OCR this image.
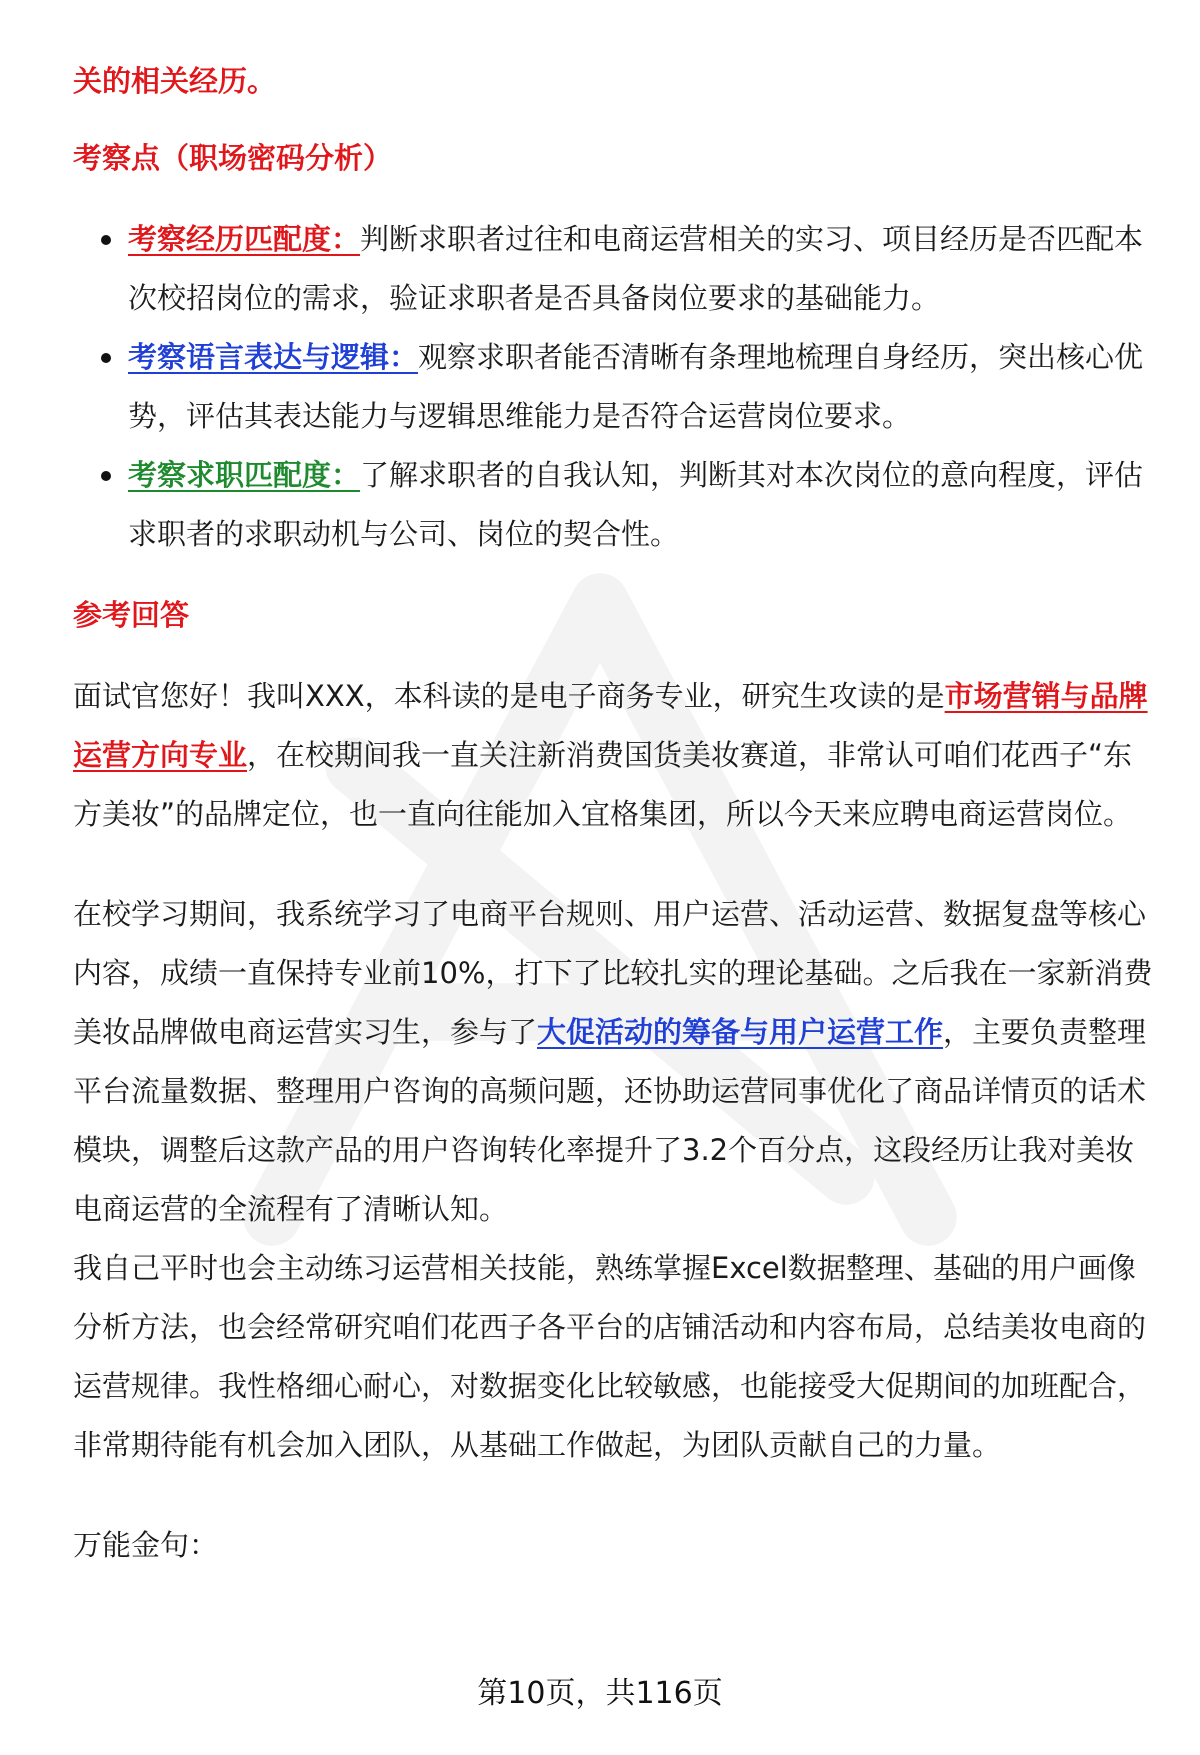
关的相关经历。

考察点（职场密码分析）

考察经历匹配度：判断求职者过往和电商运营相关的实习、项目经历是否匹配本次校招岗位的需求，验证求职者是否具备岗位要求的基础能力。
考察语言表达与逻辑：观察求职者能否清晰有条理地梳理自身经历，突出核心优势，评估其表达能力与逻辑思维能力是否符合运营岗位要求。
考察求职匹配度：了解求职者的自我认知，判断其对本次岗位的意向程度，评估求职者的求职动机与公司、岗位的契合性。

参考回答

面试官您好！我叫XXX，本科读的是电子商务专业，研究生攻读的是市场营销与品牌运营方向专业，在校期间我一直关注新消费国货美妆赛道，非常认可咱们花西子“东方美妆”的品牌定位，也一直向往能加入宜格集团，所以今天来应聘电商运营岗位。

在校学习期间，我系统学习了电商平台规则、用户运营、活动运营、数据复盘等核心内容，成绩一直保持专业前10%，打下了比较扎实的理论基础。之后我在一家新消费美妆品牌做电商运营实习生，参与了大促活动的筹备与用户运营工作，主要负责整理平台流量数据、整理用户咨询的高频问题，还协助运营同事优化了商品详情页的话术模块，调整后这款产品的用户咨询转化率提升了3.2个百分点，这段经历让我对美妆电商运营的全流程有了清晰认知。

我自己平时也会主动练习运营相关技能，熟练掌握Excel数据整理、基础的用户画像分析方法，也会经常研究咱们花西子各平台的店铺活动和内容布局，总结美妆电商的运营规律。我性格细心耐心，对数据变化比较敏感，也能接受大促期间的加班配合，非常期待能有机会加入团队，从基础工作做起，为团队贡献自己的力量。

万能金句：

第10页，共116页
